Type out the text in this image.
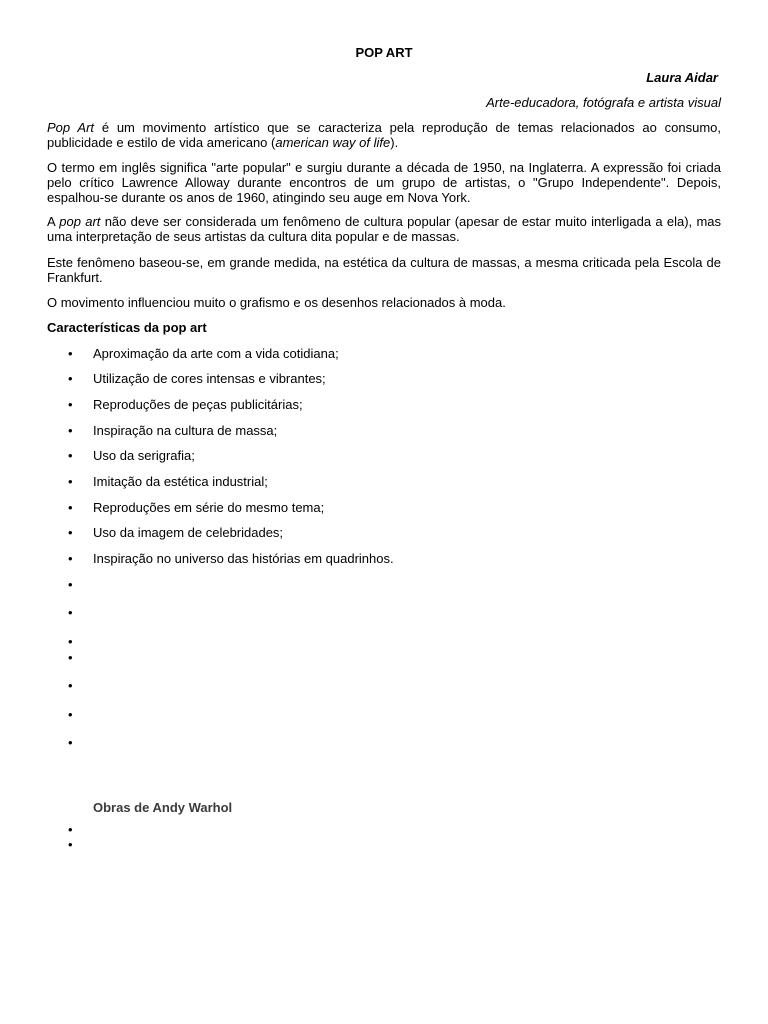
POP ART
Laura Aidar
Arte-educadora, fotógrafa e artista visual

Pop Art é um movimento artístico que se caracteriza pela reprodução de temas relacionados ao consumo, publicidade e estilo de vida americano (american way of life).

O termo em inglês significa "arte popular" e surgiu durante a década de 1950, na Inglaterra. A expressão foi criada pelo crítico Lawrence Alloway durante encontros de um grupo de artistas, o "Grupo Independente". Depois, espalhou-se durante os anos de 1960, atingindo seu auge em Nova York.

A pop art não deve ser considerada um fenômeno de cultura popular (apesar de estar muito interligada a ela), mas uma interpretação de seus artistas da cultura dita popular e de massas.

Este fenômeno baseou-se, em grande medida, na estética da cultura de massas, a mesma criticada pela Escola de Frankfurt.

O movimento influenciou muito o grafismo e os desenhos relacionados à moda.

Características da pop art
• Aproximação da arte com a vida cotidiana;
• Utilização de cores intensas e vibrantes;
• Reproduções de peças publicitárias;
• Inspiração na cultura de massa;
• Uso da serigrafia;
• Imitação da estética industrial;
• Reproduções em série do mesmo tema;
• Uso da imagem de celebridades;
• Inspiração no universo das histórias em quadrinhos.
•
•
•
•
•
•
•
Obras de Andy Warhol
•
•
